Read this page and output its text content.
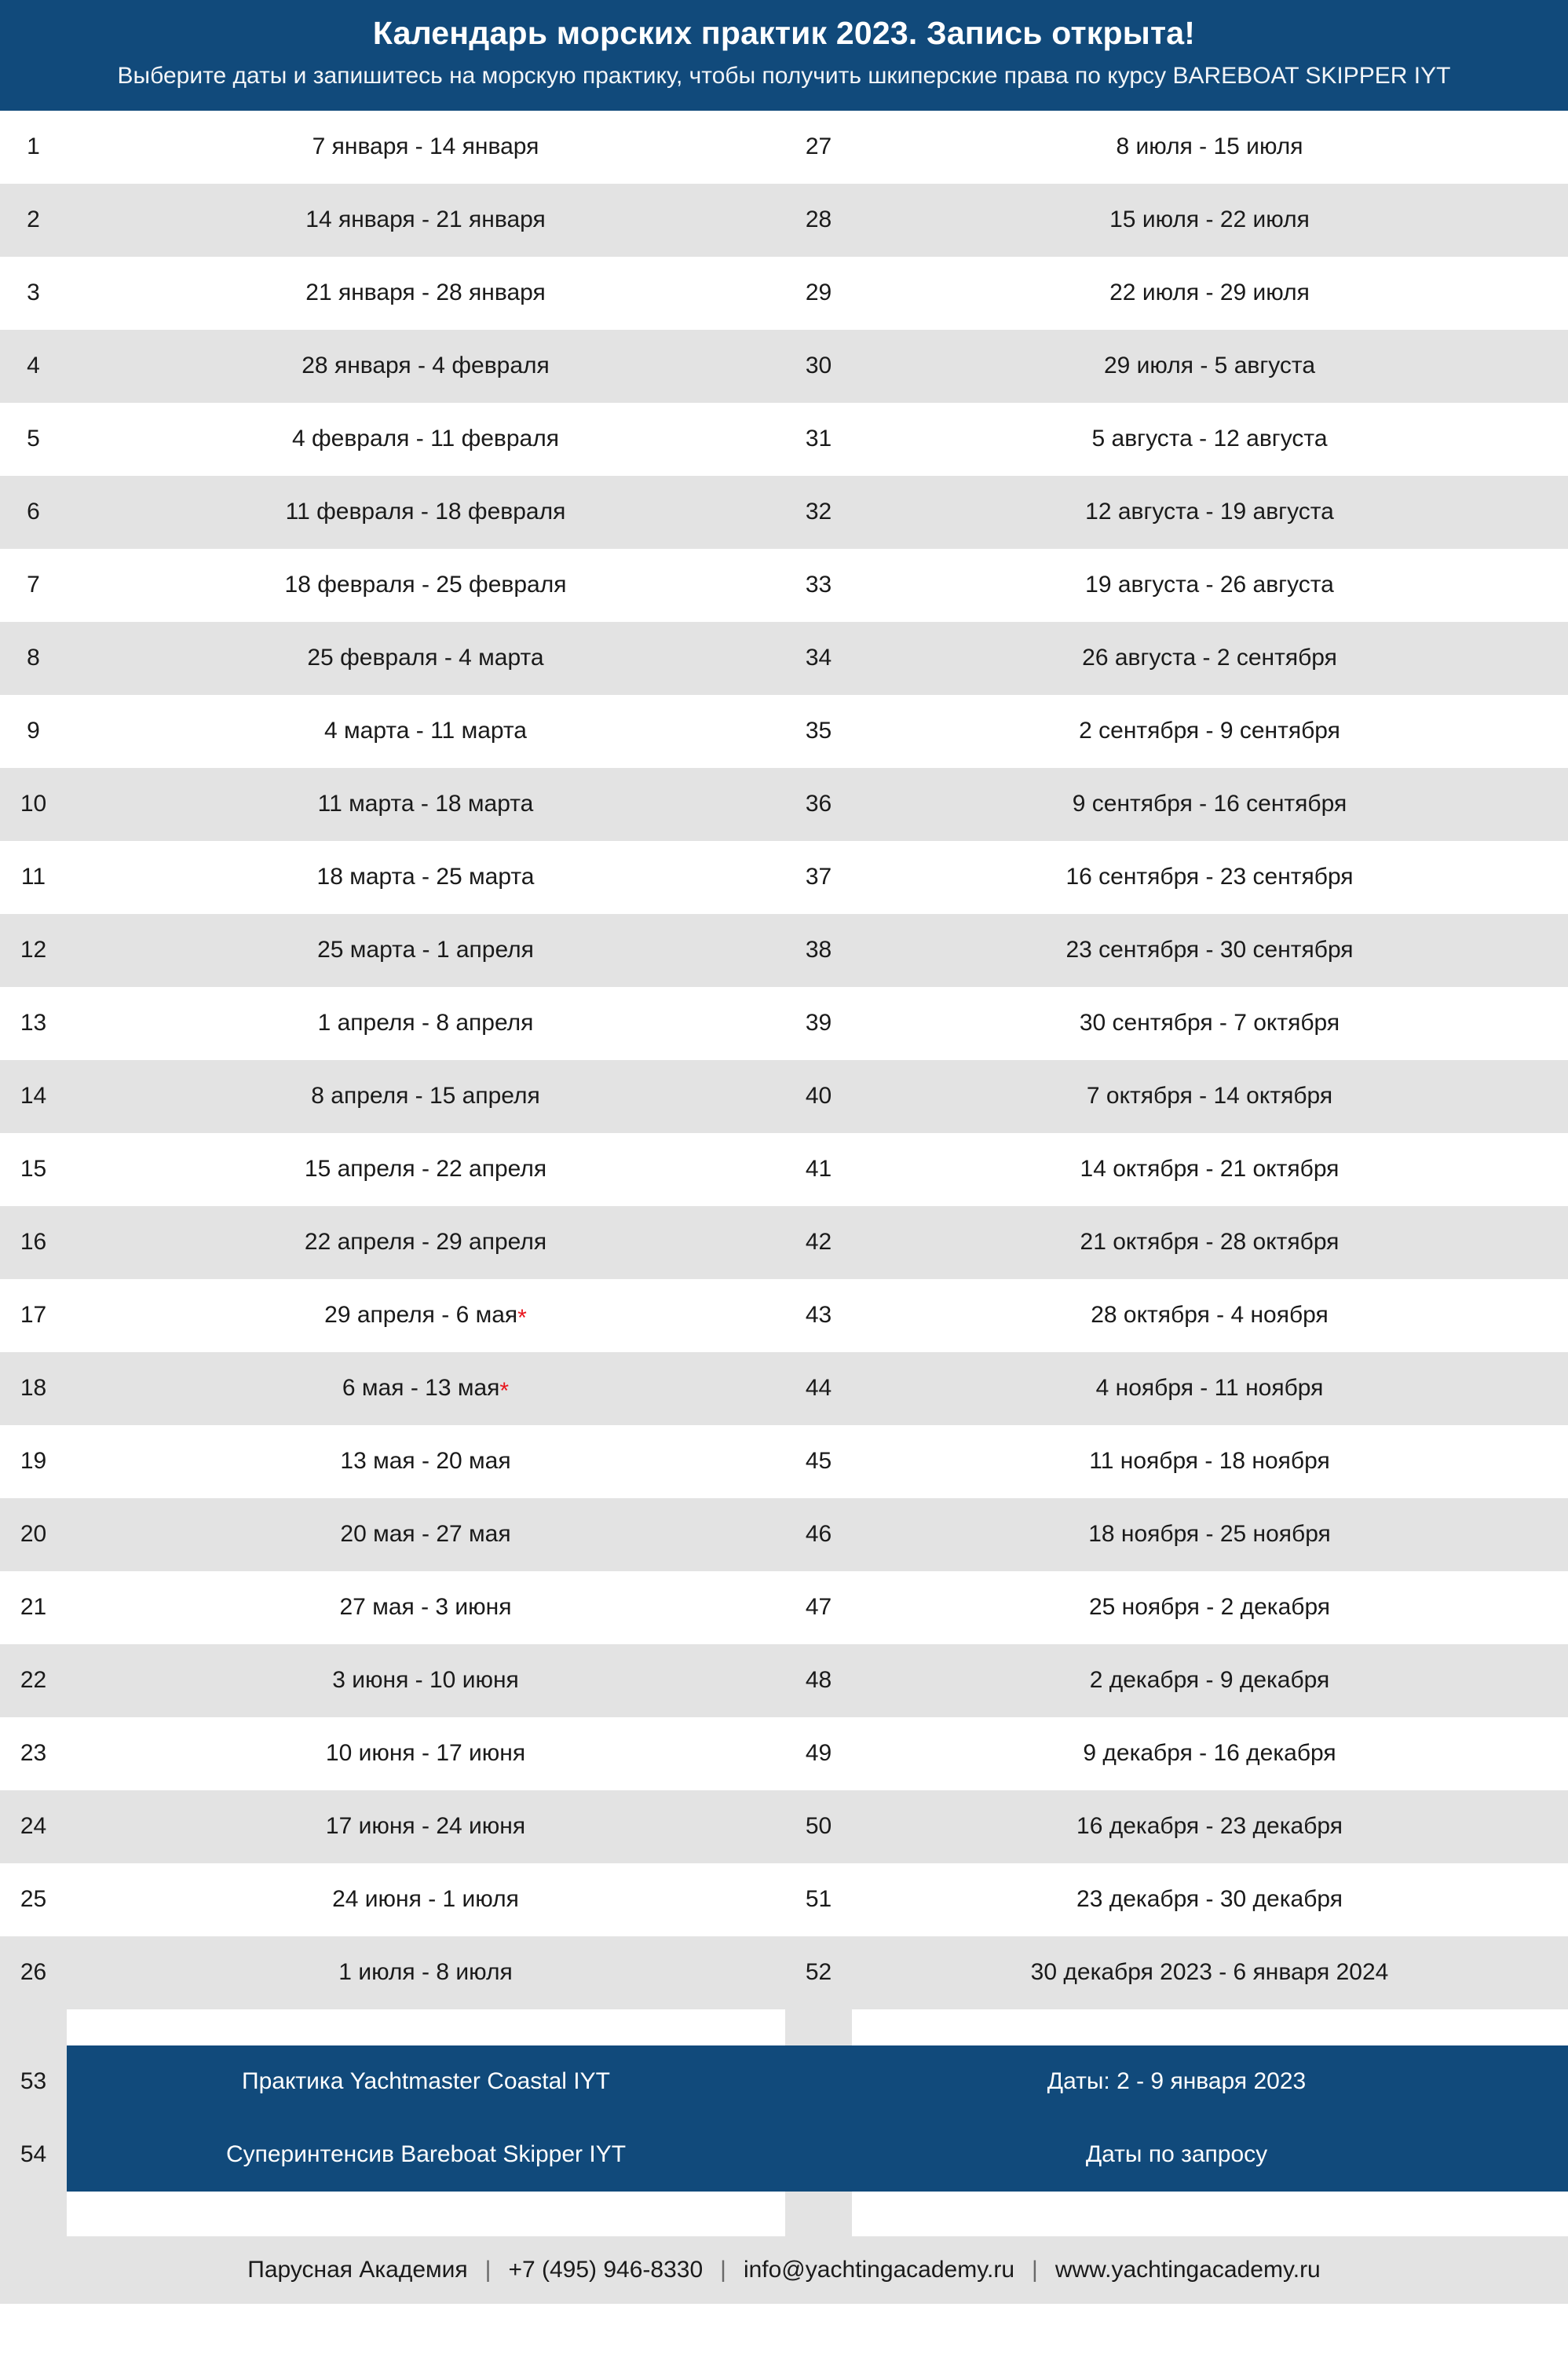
Календарь морских практик 2023. Запись открыта!
Выберите даты и запишитесь на морскую практику, чтобы получить шкиперские права по курсу BAREBOAT SKIPPER IYT
1	7 января - 14 января	27	8 июля - 15 июля
2	14 января - 21 января	28	15 июля - 22 июля
3	21 января - 28 января	29	22 июля - 29 июля
4	28 января - 4 февраля	30	29 июля - 5 августа
5	4 февраля - 11 февраля	31	5 августа - 12 августа
6	11 февраля - 18 февраля	32	12 августа - 19 августа
7	18 февраля - 25 февраля	33	19 августа - 26 августа
8	25 февраля - 4 марта	34	26 августа - 2 сентября
9	4 марта - 11 марта	35	2 сентября - 9 сентября
10	11 марта - 18 марта	36	9 сентября - 16 сентября
11	18 марта - 25 марта	37	16 сентября - 23 сентября
12	25 марта - 1 апреля	38	23 сентября - 30 сентября
13	1 апреля - 8 апреля	39	30 сентября - 7 октября
14	8 апреля - 15 апреля	40	7 октября - 14 октября
15	15 апреля - 22 апреля	41	14 октября - 21 октября
16	22 апреля - 29 апреля	42	21 октября - 28 октября
17	29 апреля - 6 мая*	43	28 октября - 4 ноября
18	6 мая - 13 мая*	44	4 ноября - 11 ноября
19	13 мая - 20 мая	45	11 ноября - 18 ноября
20	20 мая - 27 мая	46	18 ноября - 25 ноября
21	27 мая - 3 июня	47	25 ноября - 2 декабря
22	3 июня - 10 июня	48	2 декабря - 9 декабря
23	10 июня - 17 июня	49	9 декабря - 16 декабря
24	17 июня - 24 июня	50	16 декабря - 23 декабря
25	24 июня - 1 июля	51	23 декабря - 30 декабря
26	1 июля - 8 июля	52	30 декабря 2023 - 6 января 2024

53	Практика Yachtmaster Coastal IYT	Даты: 2 - 9 января 2023	
54	Суперинтенсив Bareboat Skipper IYT	Даты по запросу	

Парусная Академия | +7 (495) 946-8330 | info@yachtingacademy.ru | www.yachtingacademy.ru
